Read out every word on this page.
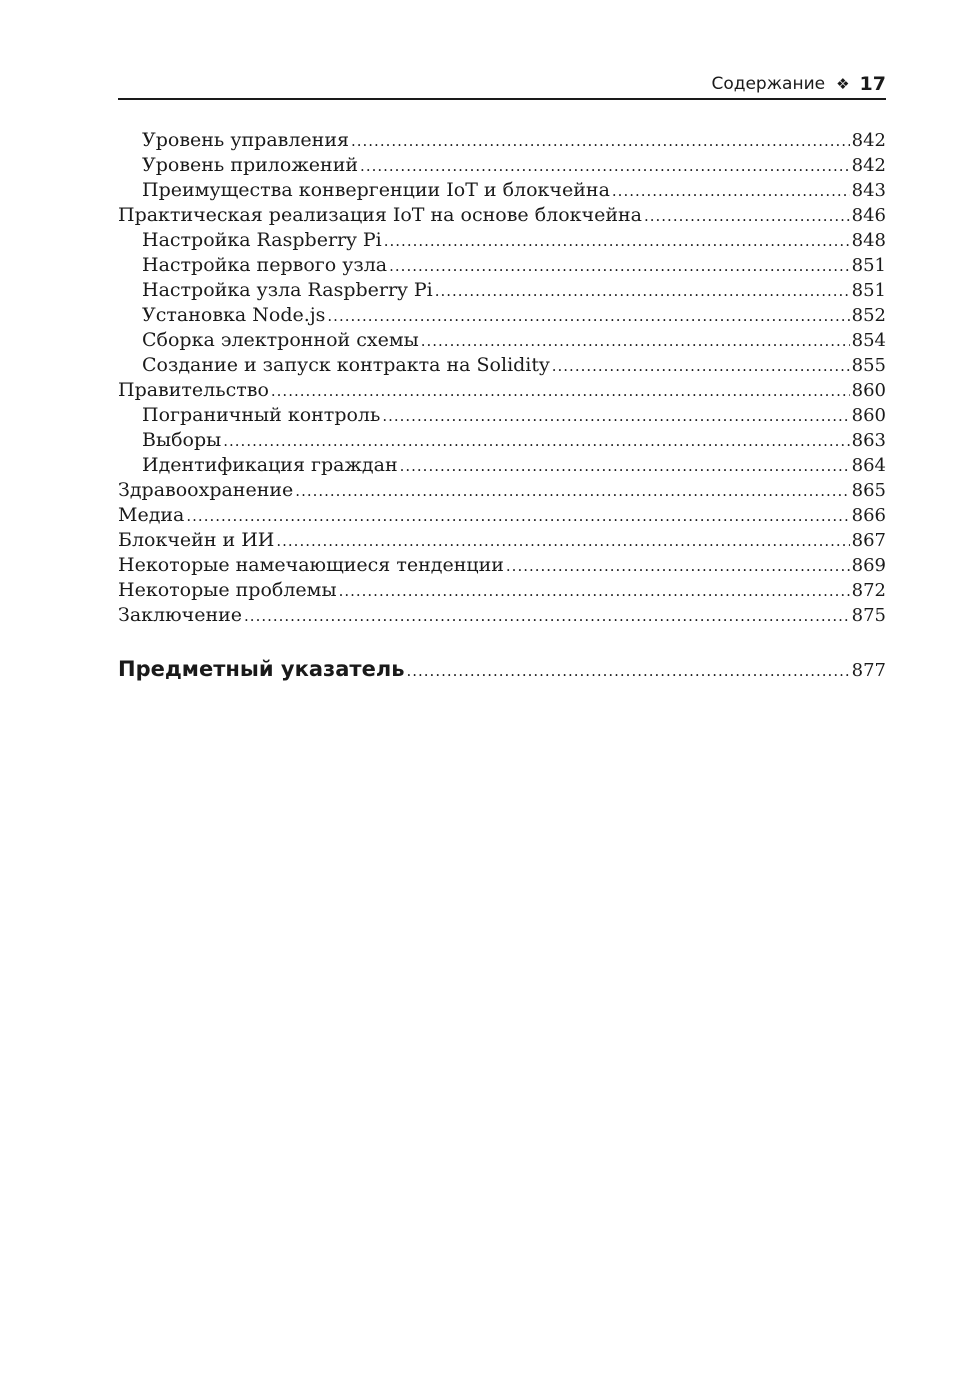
Содержание ❖ 17
Уровень управления .....	842
Уровень приложений .....	842
Преимущества конвергенции IoT и блокчейна .....	843
Практическая реализация IoT на основе блокчейна .....	846
Настройка Raspberry Pi .....	848
Настройка первого узла .....	851
Настройка узла Raspberry Pi .....	851
Установка Node.js .....	852
Сборка электронной схемы .....	854
Создание и запуск контракта на Solidity .....	855
Правительство .....	860
Пограничный контроль .....	860
Выборы .....	863
Идентификация граждан .....	864
Здравоохранение .....	865
Медиа .....	866
Блокчейн и ИИ .....	867
Некоторые намечающиеся тенденции .....	869
Некоторые проблемы .....	872
Заключение .....	875
Предметный указатель .....	877
